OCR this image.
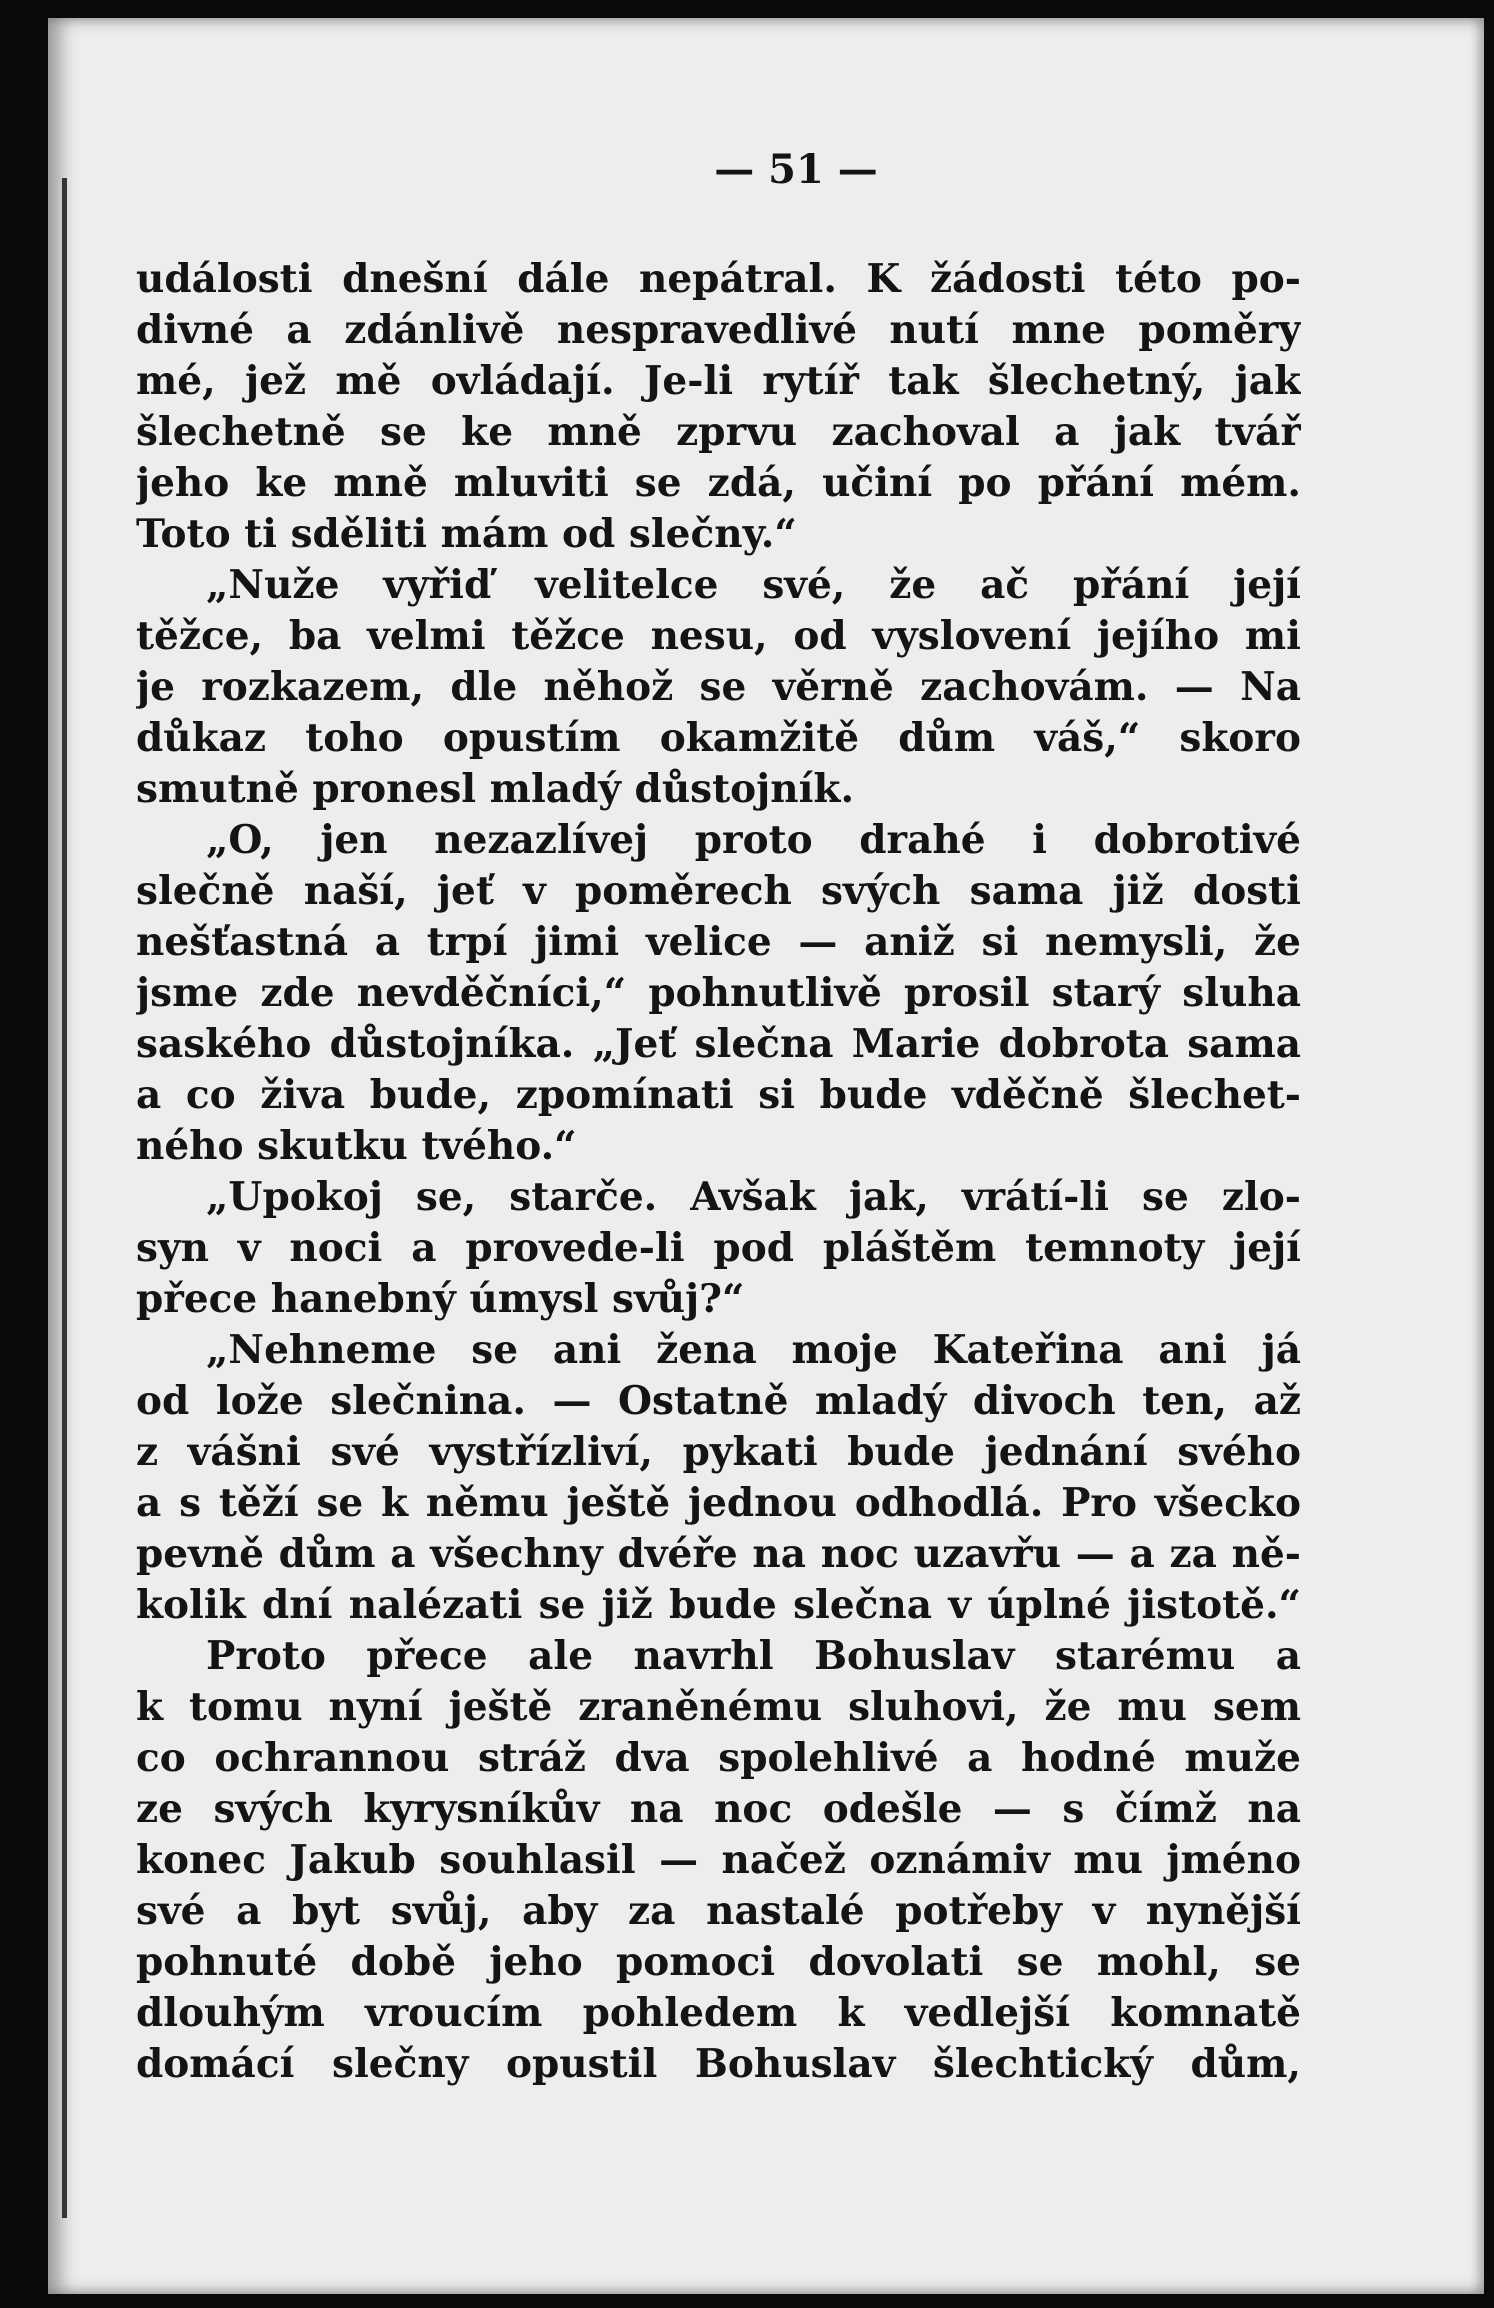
— 51 —
události dnešní dále nepátral. K žádosti této po-
divné a zdánlivě nespravedlivé nutí mne poměry
mé, jež mě ovládají. Je-li rytíř tak šlechetný, jak
šlechetně se ke mně zprvu zachoval a jak tvář
jeho ke mně mluviti se zdá, učiní po přání mém.
Toto ti sděliti mám od slečny.“
„Nuže vyřiď velitelce své, že ač přání její
těžce, ba velmi těžce nesu, od vyslovení jejího mi
je rozkazem, dle něhož se věrně zachovám. — Na
důkaz toho opustím okamžitě dům váš,“ skoro
smutně pronesl mladý důstojník.
„O, jen nezazlívej proto drahé i dobrotivé
slečně naší, jeť v poměrech svých sama již dosti
nešťastná a trpí jimi velice — aniž si nemysli, že
jsme zde nevděčníci,“ pohnutlivě prosil starý sluha
saského důstojníka. „Jeť slečna Marie dobrota sama
a co živa bude, zpomínati si bude vděčně šlechet-
ného skutku tvého.“
„Upokoj se, starče. Avšak jak, vrátí-li se zlo-
syn v noci a provede-li pod pláštěm temnoty její
přece hanebný úmysl svůj?“
„Nehneme se ani žena moje Kateřina ani já
od lože slečnina. — Ostatně mladý divoch ten, až
z vášni své vystřízliví, pykati bude jednání svého
a s těží se k němu ještě jednou odhodlá. Pro všecko
pevně dům a všechny dvéře na noc uzavřu — a za ně-
kolik dní nalézati se již bude slečna v úplné jistotě.“
Proto přece ale navrhl Bohuslav starému a
k tomu nyní ještě zraněnému sluhovi, že mu sem
co ochrannou stráž dva spolehlivé a hodné muže
ze svých kyrysníkův na noc odešle — s čímž na
konec Jakub souhlasil — načež oznámiv mu jméno
své a byt svůj, aby za nastalé potřeby v nynější
pohnuté době jeho pomoci dovolati se mohl, se
dlouhým vroucím pohledem k vedlejší komnatě
domácí slečny opustil Bohuslav šlechtický dům,
